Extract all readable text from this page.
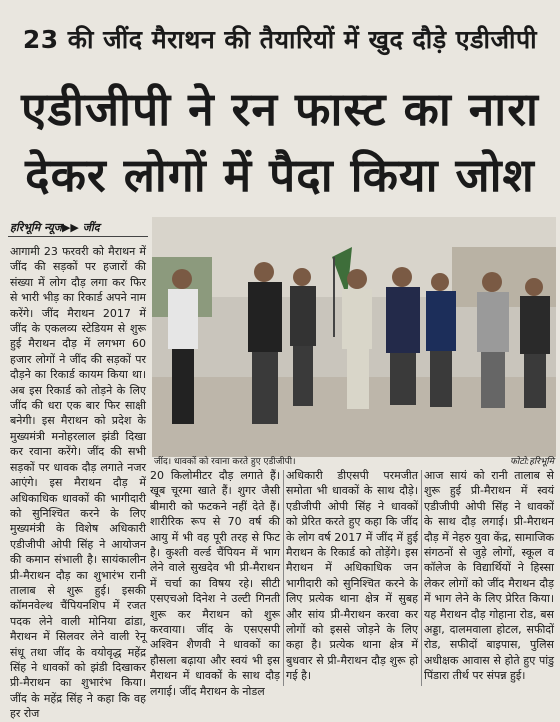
23 की जींद मैराथन की तैयारियों में खुद दौड़े एडीजीपी
एडीजीपी ने रन फास्ट का नारा
देकर लोगों में पैदा किया जोश
हरिभूमि न्यूज▶▶ जींद

आगामी 23 फरवरी को मैराथन में जींद की सड़कों पर हजारों की संख्या में लोग दौड़ लगा कर फिर से भारी भीड़ का रिकार्ड अपने नाम करेंगे। जींद मैराथन 2017 में जींद के एकलव्य स्टेडियम से शुरू हुई मैराथन दौड़ में लगभग 60 हजार लोगों ने जींद की सड़कों पर दौड़ने का रिकार्ड कायम किया था। अब इस रिकार्ड को तोड़ने के लिए जींद की धरा एक बार फिर साक्षी बनेगी। इस मैराथन को प्रदेश के मुख्यमंत्री मनोहरलाल झंडी दिखा कर रवाना करेंगे। जींद की सभी सड़कों पर धावक दौड़ लगाते नजर आएंगे। इस मैराथन दौड़ में अधिकाधिक धावकों की भागीदारी को सुनिश्चित करने के लिए मुख्यमंत्री के विशेष अधिकारी एडीजीपी ओपी सिंह ने आयोजन की कमान संभाली है। सायंकालीन प्री-मैराथन दौड़ का शुभारंभ रानी तालाब से शुरू हुई। इसकी कॉमनवेल्थ चैंपियनशिप में रजत पदक लेने वाली मोनिया ढांडा, मैराथन में सिलवर लेने वाली रेनू संधू तथा जींद के वयोवृद्ध महेंद्र सिंह ने धावकों को झंडी दिखाकर प्री-मैराथन का शुभारंभ किया। जींद के महेंद्र सिंह ने कहा कि वह हर रोज

जींद। धावकों को रवाना करते हुए एडीजीपी।	फोटो:हरिभूमि

20 किलोमीटर दौड़ लगाते हैं। खूब चूरमा खाते हैं। शुगर जैसी बीमारी को फटकने नहीं देते हैं। शारीरिक रूप से 70 वर्ष की आयु में भी वह पूरी तरह से फिट है। कुश्ती वर्ल्ड चैंपियन में भाग लेने वाले सुखदेव भी प्री-मैराथन में चर्चा का विषय रहे। सीटी एसएचओ दिनेश ने उल्टी गिनती शुरू कर मैराथन को शुरू करवाया। जींद के एसएसपी अश्विन शैणवी ने धावकों का हौसला बढ़ाया और स्वयं भी इस मैराथन में धावकों के साथ दौड़ लगाई। जींद मैराथन के नोडल

अधिकारी डीएसपी परमजीत समोता भी धावकों के साथ दौड़े। एडीजीपी ओपी सिंह ने धावकों को प्रेरित करते हुए कहा कि जींद के लोग वर्ष 2017 में जींद में हुई मैराथन के रिकार्ड को तोड़ेंगे। इस मैराथन में अधिकाधिक जन भागीदारी को सुनिश्चित करने के लिए प्रत्येक थाना क्षेत्र में सुबह और सांय प्री-मैराथन करवा कर लोगों को इससे जोड़ने के लिए कहा है। प्रत्येक थाना क्षेत्र में बुधवार से प्री-मैराथन दौड़ शुरू हो गई है।

आज सायं को रानी तालाब से शुरू हुई प्री-मैराथन में स्वयं एडीजीपी ओपी सिंह ने धावकों के साथ दौड़ लगाई। प्री-मैराथन दौड़ में नेहरु युवा केंद्र, सामाजिक संगठनों से जुड़े लोगों, स्कूल व कॉलेज के विद्यार्थियों ने हिस्सा लेकर लोगों को जींद मैराथन दौड़ में भाग लेने के लिए प्रेरित किया। यह मैराथन दौड़ गोहाना रोड, बस अड्डा, दालमवाला होटल, सफीदों रोड, सफीदों बाइपास, पुलिस अधीक्षक आवास से होते हुए पांडु पिंडारा तीर्थ पर संपन्न हुई।
